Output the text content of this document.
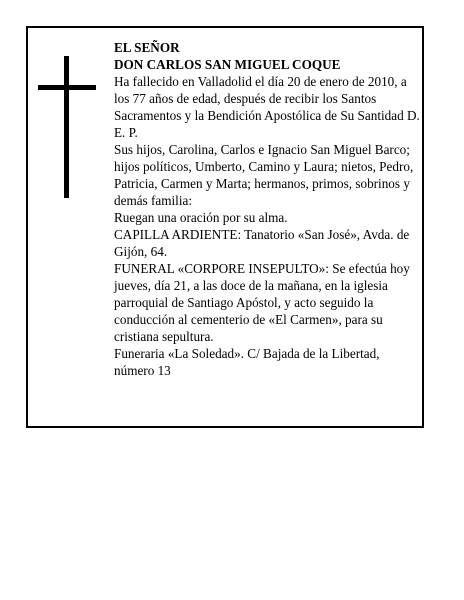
EL SEÑOR

DON CARLOS SAN MIGUEL COQUE

Ha fallecido en Valladolid el día 20 de enero de 2010, a los 77 años de edad, después de recibir los Santos Sacramentos y la Bendición Apostólica de Su Santidad D. E. P.

Sus hijos, Carolina, Carlos e Ignacio San Miguel Barco; hijos políticos, Umberto, Camino y Laura; nietos, Pedro, Patricia, Carmen y Marta; hermanos, primos, sobrinos y demás familia:

Ruegan una oración por su alma.

CAPILLA ARDIENTE: Tanatorio «San José», Avda. de Gijón, 64.

FUNERAL «CORPORE INSEPULTO»: Se efectúa hoy jueves, día 21, a las doce de la mañana, en la iglesia parroquial de Santiago Apóstol, y acto seguido la conducción al cementerio de «El Carmen», para su cristiana sepultura.

Funeraria «La Soledad». C/ Bajada de la Libertad, número 13
